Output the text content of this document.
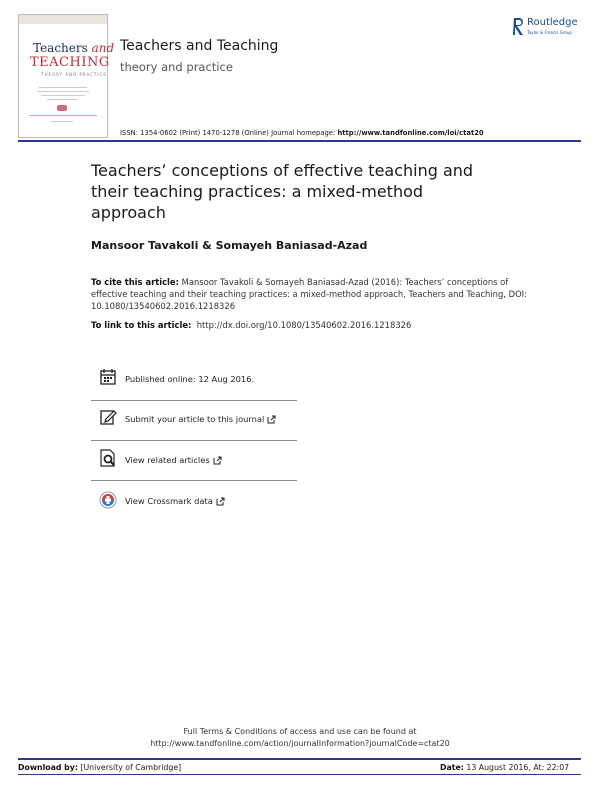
Teachers and
TEACHING
THEORY AND PRACTICE
Teachers and Teaching
theory and practice
Routledge
Taylor & Francis Group
ISSN: 1354-0602 (Print) 1470-1278 (Online) Journal homepage: http://www.tandfonline.com/loi/ctat20
Teachers’ conceptions of effective teaching and their teaching practices: a mixed-method approach
Mansoor Tavakoli & Somayeh Baniasad-Azad
To cite this article: Mansoor Tavakoli & Somayeh Baniasad-Azad (2016): Teachers’ conceptions of effective teaching and their teaching practices: a mixed-method approach, Teachers and Teaching, DOI: 10.1080/13540602.2016.1218326
To link to this article: http://dx.doi.org/10.1080/13540602.2016.1218326
Published online: 12 Aug 2016.
Submit your article to this journal
View related articles
View Crossmark data
Full Terms & Conditions of access and use can be found at
http://www.tandfonline.com/action/journalInformation?journalCode=ctat20
Download by: [University of Cambridge]	Date: 13 August 2016, At: 22:07
